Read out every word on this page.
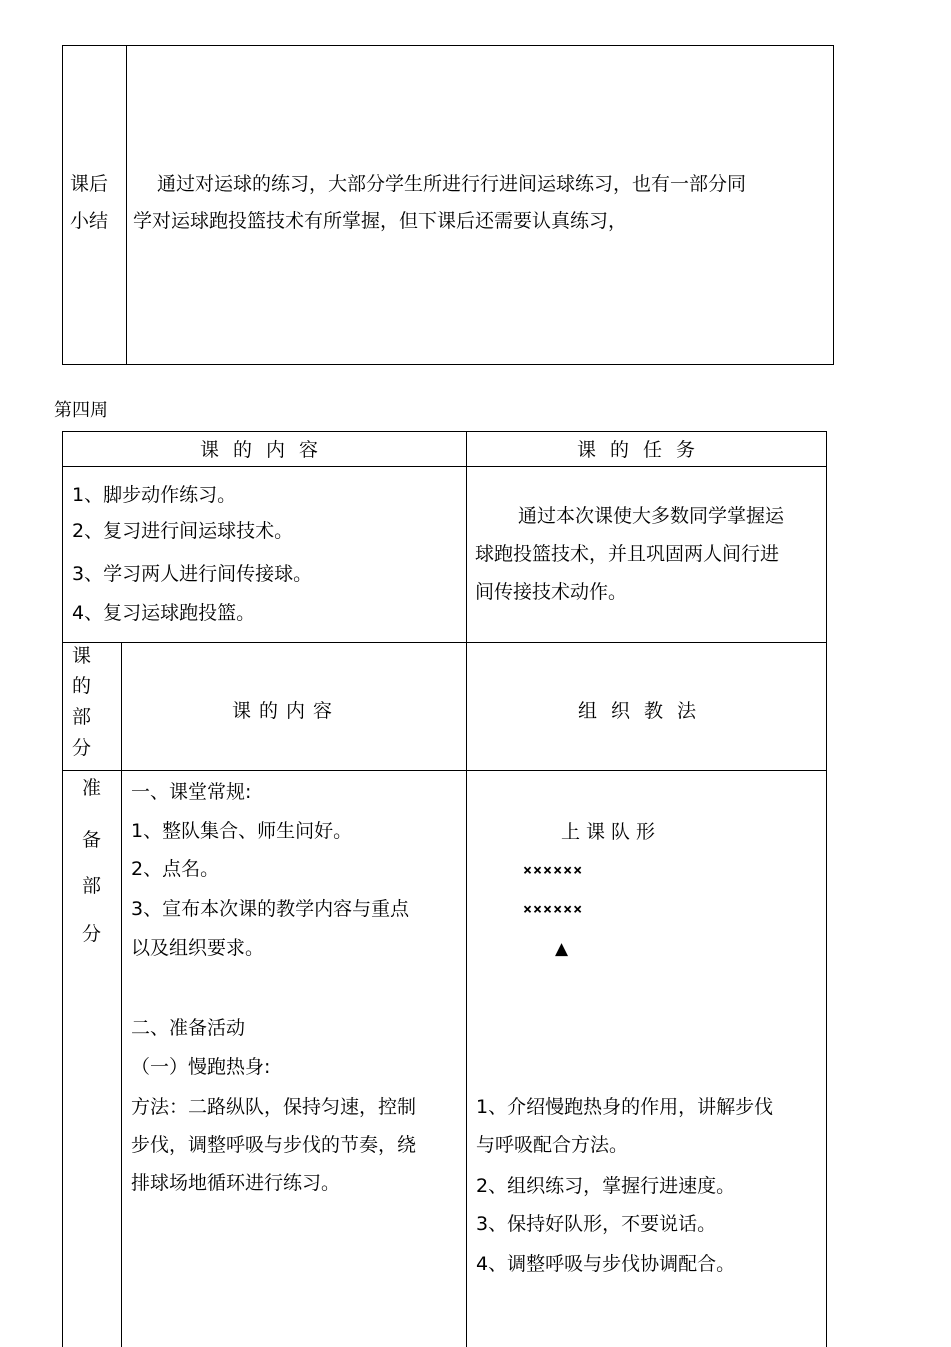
课后
小结
通过对运球的练习，大部分学生所进行行进间运球练习，也有一部分同
学对运球跑投篮技术有所掌握，但下课后还需要认真练习，
第四周
课的内容	课的任务
1、脚步动作练习。
2、复习进行间运球技术。
3、学习两人进行间传接球。
4、复习运球跑投篮。
通过本次课使大多数同学掌握运
球跑投篮技术，并且巩固两人间行进
间传接技术动作。
课
的
部
分
课的内容	组织教法
准
备
部
分
一、课堂常规:
1、整队集合、师生问好。
2、点名。
3、宣布本次课的教学内容与重点
以及组织要求。
二、准备活动
（一）慢跑热身:
方法：二路纵队，保持匀速，控制
步伐，调整呼吸与步伐的节奏，绕
排球场地循环进行练习。
上课队形
××××××
××××××
▲
1、介绍慢跑热身的作用，讲解步伐
与呼吸配合方法。
2、组织练习，掌握行进速度。
3、保持好队形，不要说话。
4、调整呼吸与步伐协调配合。
